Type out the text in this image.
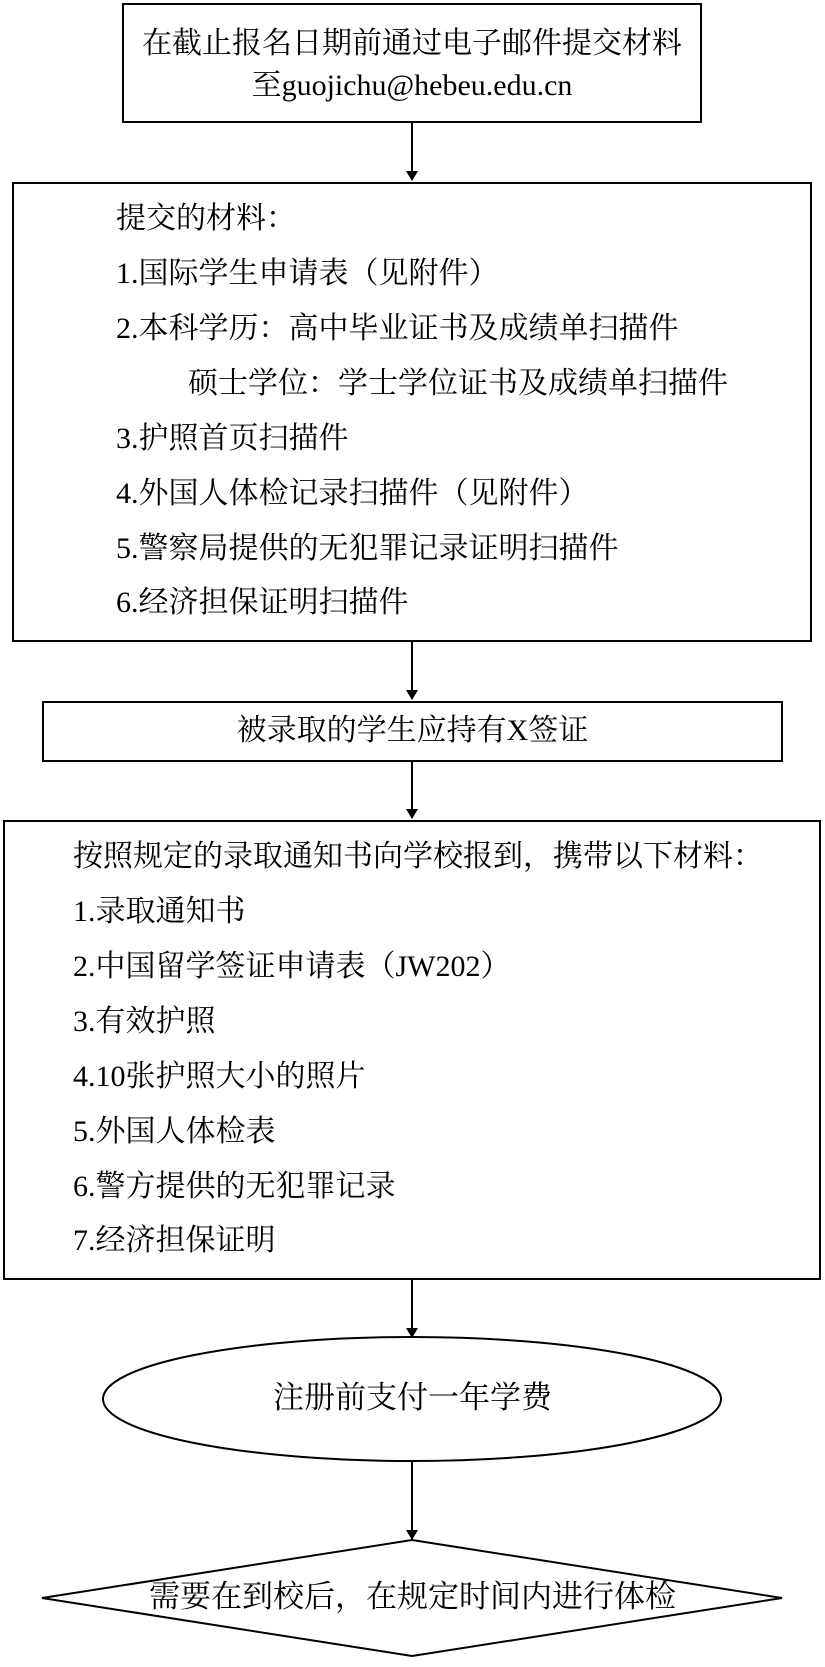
在截止报名日期前通过电子邮件提交材料
至guojichu@hebeu.edu.cn
提交的材料：
1.国际学生申请表（见附件）
2.本科学历：高中毕业证书及成绩单扫描件
硕士学位：学士学位证书及成绩单扫描件
3.护照首页扫描件
4.外国人体检记录扫描件（见附件）
5.警察局提供的无犯罪记录证明扫描件
6.经济担保证明扫描件
被录取的学生应持有X签证
按照规定的录取通知书向学校报到，携带以下材料：
1.录取通知书
2.中国留学签证申请表（JW202）
3.有效护照
4.10张护照大小的照片
5.外国人体检表
6.警方提供的无犯罪记录
7.经济担保证明
注册前支付一年学费
需要在到校后，在规定时间内进行体检
